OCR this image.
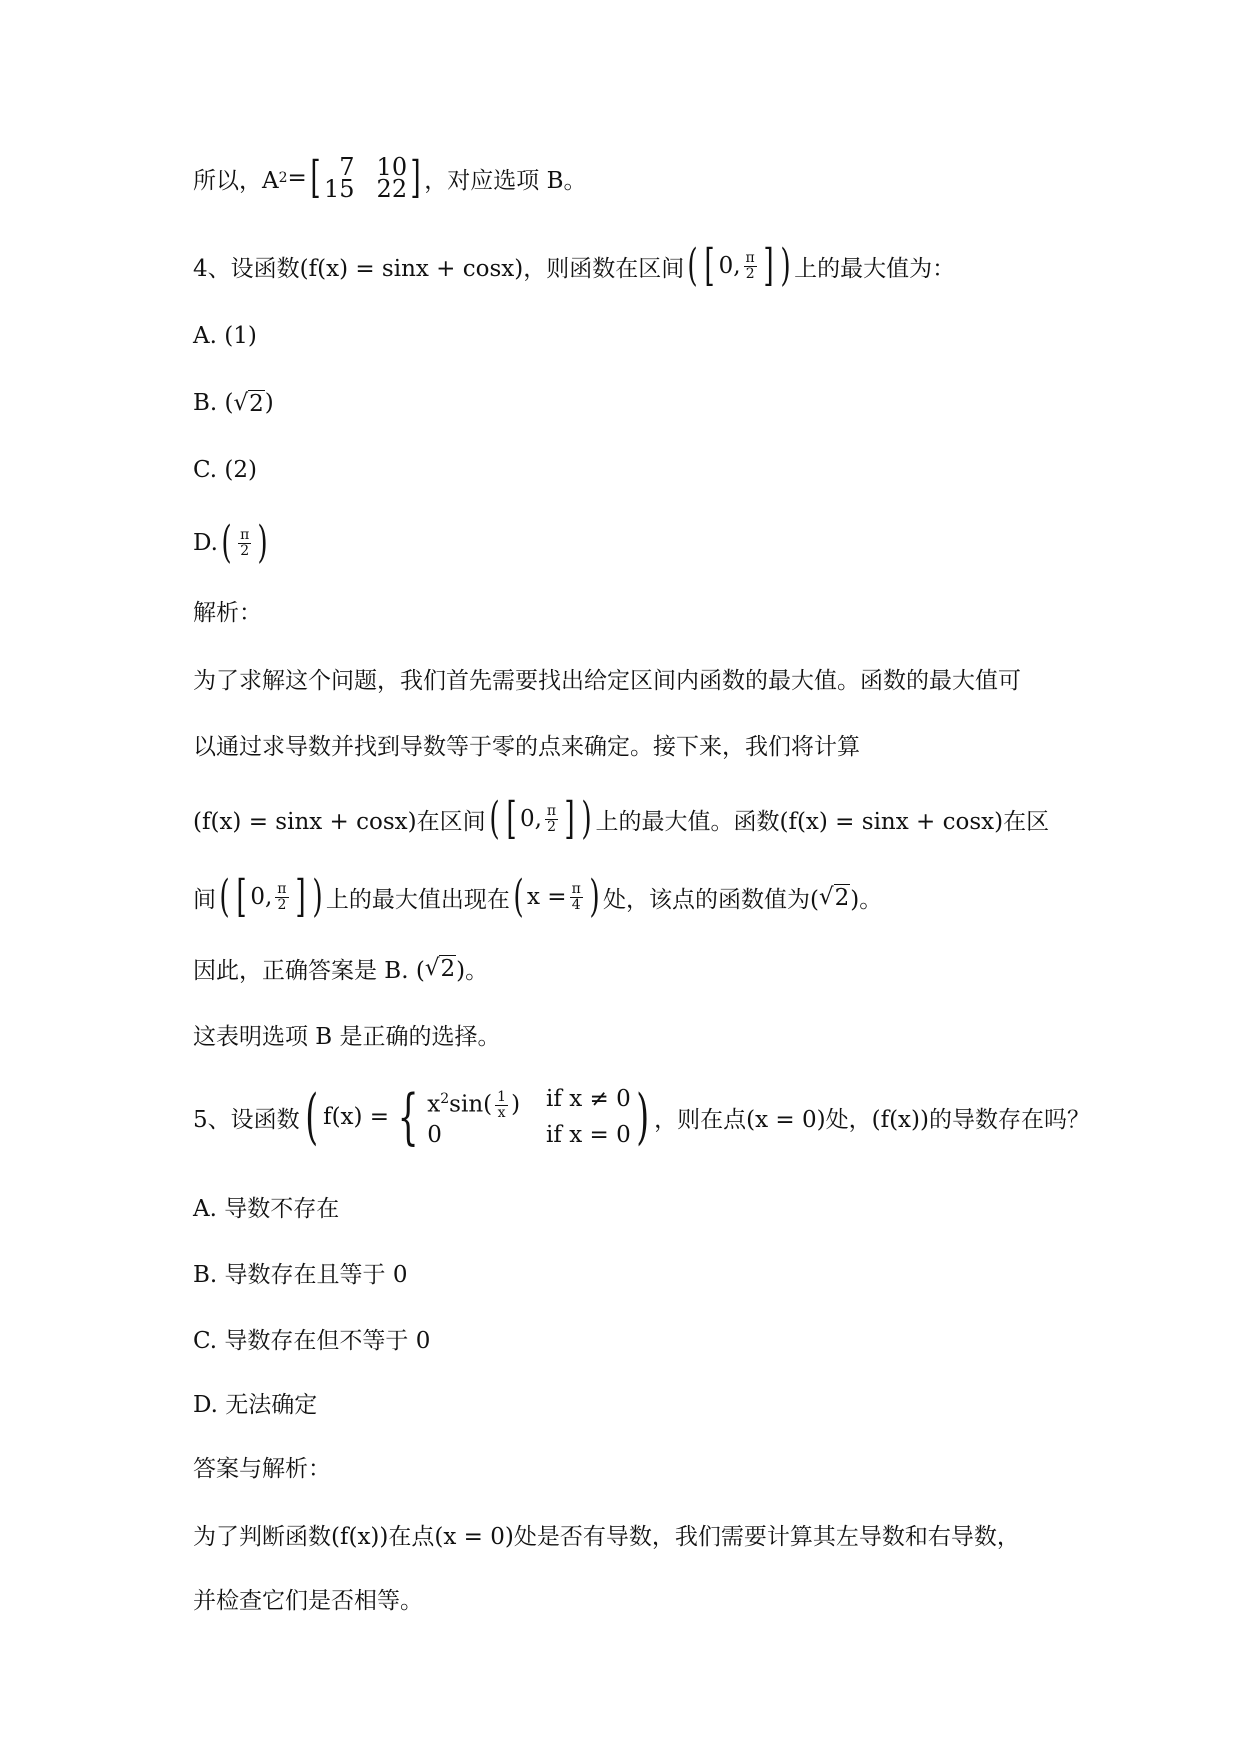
所以，A 2 = [ 7 10
15 22 ] ，对应选项 B。
4、设函数(f(x) = sinx + cosx)，则函数在区间 ( [ 0, $\frac{\pi}{2}$ ] ) 上的最大值为：
A. (1)
B. ( √ 2 )
C. (2)
D. ( $\frac{\pi}{2}$ )
解析：
为了求解这个问题，我们首先需要找出给定区间内函数的最大值。函数的最大值可
以通过求导数并找到导数等于零的点来确定。接下来，我们将计算
(f(x) = sinx + cosx)在区间 ( [ 0, $\frac{\pi}{2}$ ] ) 上的最大值。函数(f(x) = sinx + cosx)在区
间 ( [ 0, $\frac{\pi}{2}$ ] ) 上的最大值出现在 ( $x = \frac{\pi}{4}$ ) 处，该点的函数值为( √ 2 )。
因此，正确答案是 B. ( √ 2 )。
这表明选项 B 是正确的选择。
5、设函数 ( f(x) = { $x^2\sin( \frac{1}{x}$ ) if x ≠ 0
0	if x = 0 ) ，则在点(x = 0)处，(f(x))的导数存在吗？
A. 导数不存在
B. 导数存在且等于 0
C. 导数存在但不等于 0
D. 无法确定
答案与解析：
为了判断函数(f(x))在点(x = 0)处是否有导数，我们需要计算其左导数和右导数，
并检查它们是否相等。
